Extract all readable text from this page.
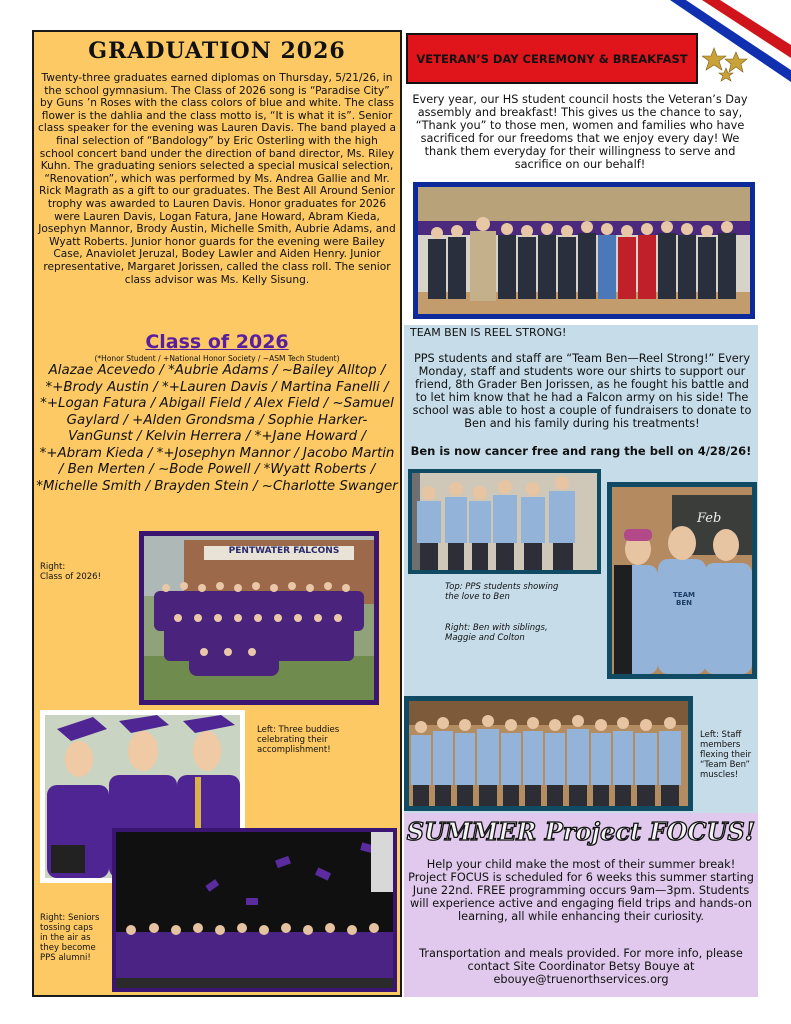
GRADUATION 2026

Twenty-three graduates earned diplomas on Thursday, 5/21/26, in the school gymnasium. The Class of 2026 song is “Paradise City” by Guns ’n Roses with the class colors of blue and white. The class flower is the dahlia and the class motto is, “It is what it is”. Senior class speaker for the evening was Lauren Davis. The band played a final selection of “Bandology” by Eric Osterling with the high school concert band under the direction of band director, Ms. Riley Kuhn. The graduating seniors selected a special musical selection, “Renovation”, which was performed by Ms. Andrea Gallie and Mr. Rick Magrath as a gift to our graduates. The Best All Around Senior trophy was awarded to Lauren Davis. Honor graduates for 2026 were Lauren Davis, Logan Fatura, Jane Howard, Abram Kieda, Josephyn Mannor, Brody Austin, Michelle Smith, Aubrie Adams, and Wyatt Roberts. Junior honor guards for the evening were Bailey Case, Anaviolet Jeruzal, Bodey Lawler and Aiden Henry. Junior representative, Margaret Jorissen, called the class roll. The senior class advisor was Ms. Kelly Sisung.

Class of 2026
(*Honor Student / +National Honor Society / ~ASM Tech Student)

Alazae Acevedo / *Aubrie Adams / ~Bailey Alltop / *+Brody Austin / *+Lauren Davis / Martina Fanelli / *+Logan Fatura / Abigail Field / Alex Field / ~Samuel Gaylard / +Alden Grondsma / Sophie Harker-VanGunst / Kelvin Herrera / *+Jane Howard / *+Abram Kieda / *+Josephyn Mannor / Jacobo Martin / Ben Merten / ~Bode Powell / *Wyatt Roberts / *Michelle Smith / Brayden Stein / ~Charlotte Swanger

PENTWATER FALCONS
Right:
Class of 2026!
Left: Three buddies celebrating their accomplishment!
Right: Seniors tossing caps in the air as they become PPS alumni!
VETERAN’S DAY CEREMONY & BREAKFAST

Every year, our HS student council hosts the Veteran’s Day assembly and breakfast! This gives us the chance to say, “Thank you” to those men, women and families who have sacrificed for our freedoms that we enjoy every day! We thank them everyday for their willingness to serve and sacrifice on our behalf!

TEAM BEN IS REEL STRONG!

PPS students and staff are “Team Ben—Reel Strong!” Every Monday, staff and students wore our shirts to support our friend, 8th Grader Ben Jorissen, as he fought his battle and to let him know that he had a Falcon army on his side! The school was able to host a couple of fundraisers to donate to Ben and his family during his treatments!

Ben is now cancer free and rang the bell on 4/28/26!
Top: PPS students showing the love to Ben
Right: Ben with siblings, Maggie and Colton
Feb
TEAM BEN
Left: Staff members flexing their “Team Ben” muscles!
SUMMER Project FOCUS!

Help your child make the most of their summer break! Project FOCUS is scheduled for 6 weeks this summer starting June 22nd. FREE programming occurs 9am—3pm. Students will experience active and engaging field trips and hands-on learning, all while enhancing their curiosity.

Transportation and meals provided. For more info, please contact Site Coordinator Betsy Bouye at ebouye@truenorthservices.org
